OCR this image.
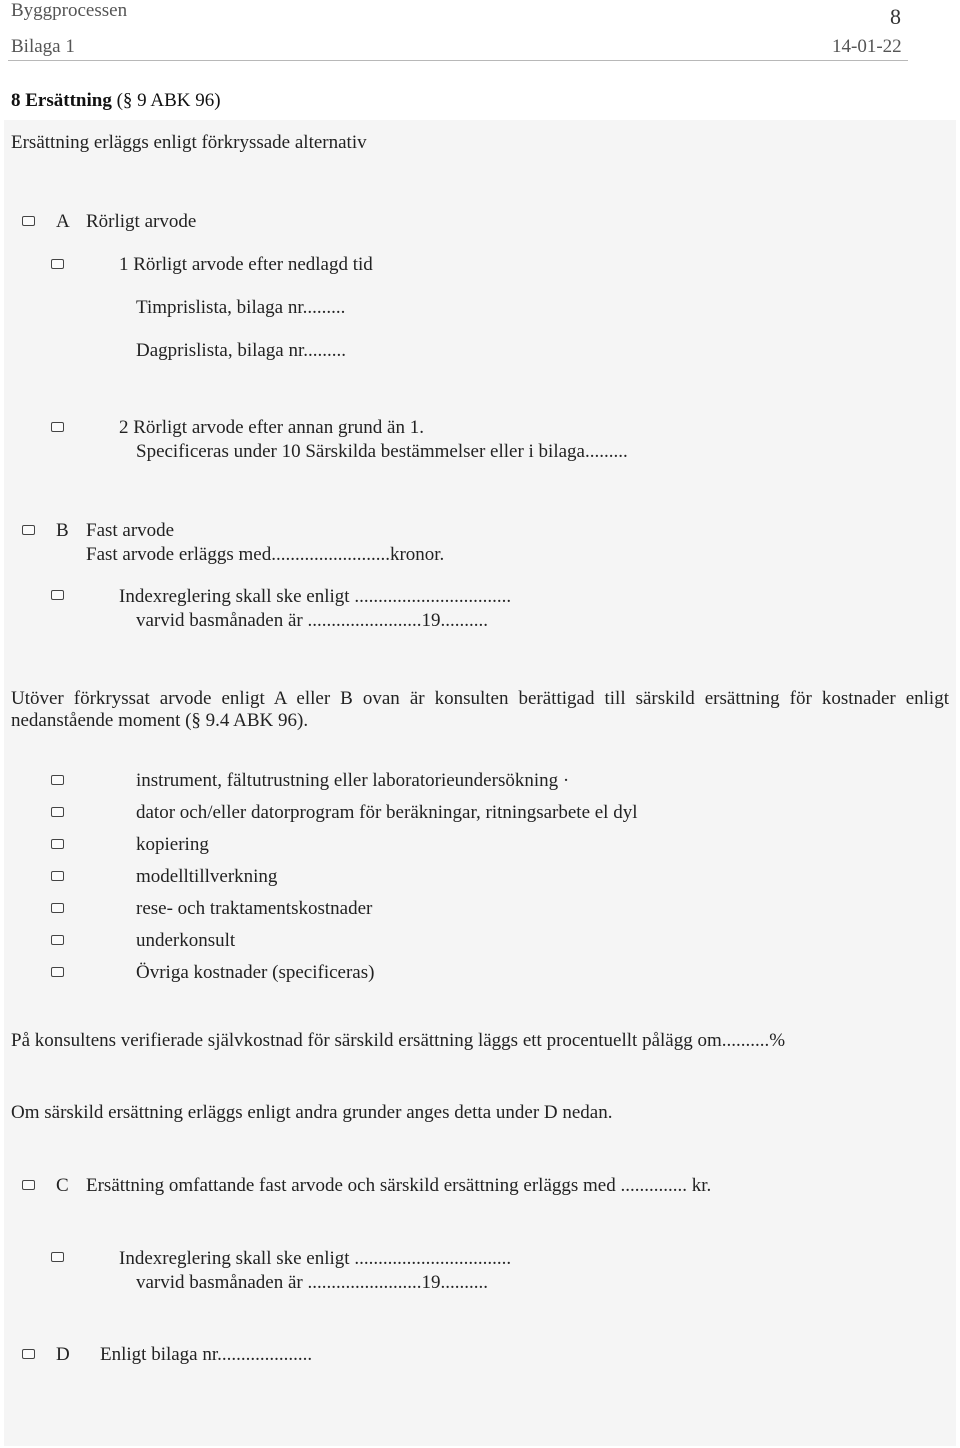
Byggprocessen	8
Bilaga 1	14-01-22
8 Ersättning (§ 9 ABK 96)
Ersättning erläggs enligt förkryssade alternativ
A Rörligt arvode
1 Rörligt arvode efter nedlagd tid
Timprislista, bilaga nr.........
Dagprislista, bilaga nr.........
2 Rörligt arvode efter annan grund än 1.
Specificeras under 10 Särskilda bestämmelser eller i bilaga.........
B Fast arvode
Fast arvode erläggs med.........................kronor.
Indexreglering skall ske enligt .................................
varvid basmånaden är ........................19..........
Utöver förkryssat arvode enligt A eller B ovan är konsulten berättigad till särskild ersättning för kostnader enligt nedanstående moment (§ 9.4 ABK 96).
instrument, fältutrustning eller laboratorieundersökning ·
dator och/eller datorprogram för beräkningar, ritningsarbete el dyl
kopiering
modelltillverkning
rese- och traktamentskostnader
underkonsult
Övriga kostnader (specificeras)
På konsultens verifierade självkostnad för särskild ersättning läggs ett procentuellt pålägg om..........%
Om särskild ersättning erläggs enligt andra grunder anges detta under D nedan.
C Ersättning omfattande fast arvode och särskild ersättning erläggs med .............. kr.
Indexreglering skall ske enligt .................................
varvid basmånaden är ........................19..........
D Enligt bilaga nr....................
